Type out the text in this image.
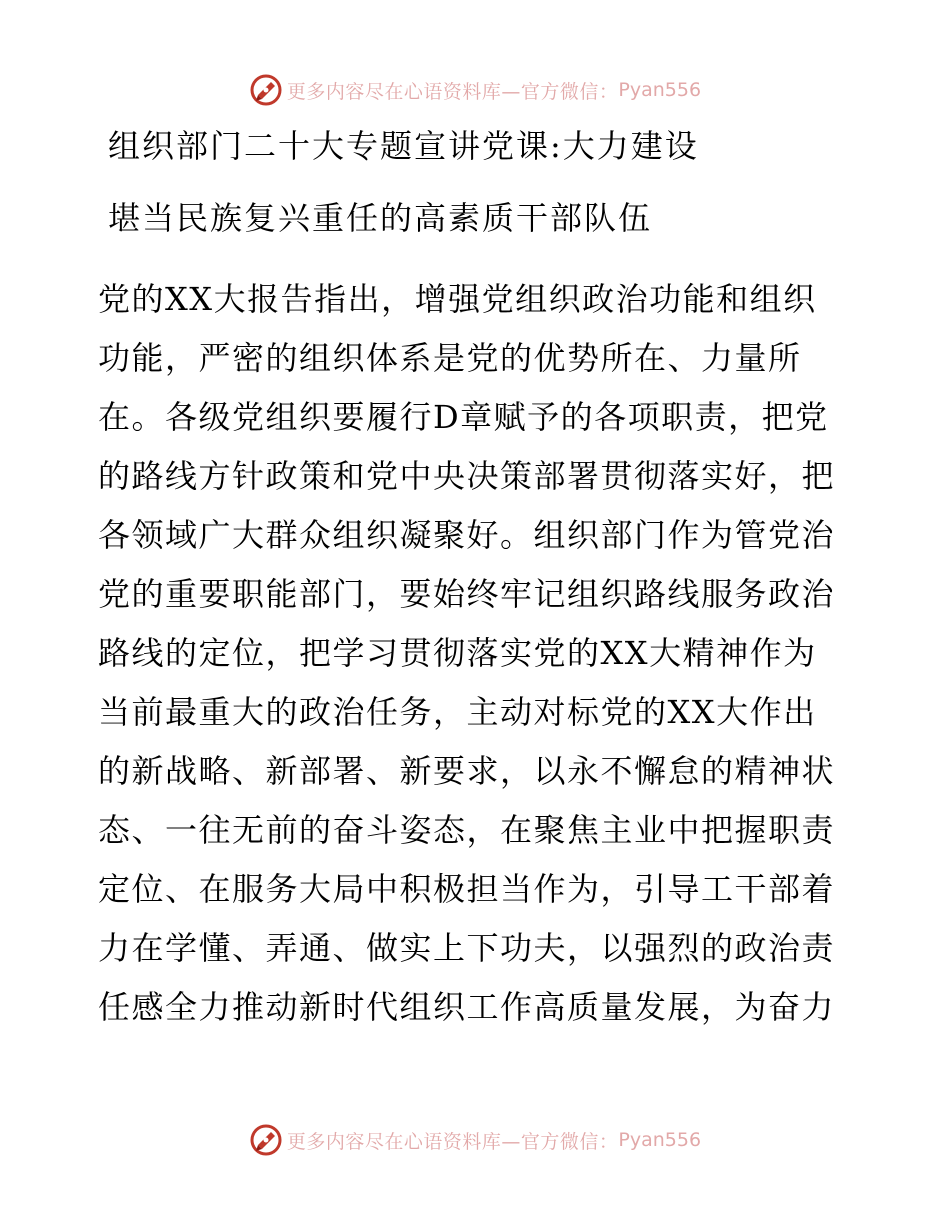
更多内容尽在心语资料库—官方微信： Pyan556
组织部门二十大专题宣讲党课:大力建设
堪当民族复兴重任的高素质干部队伍
党的XX大报告指出，增强党组织政治功能和组织
功能，严密的组织体系是党的优势所在、力量所
在。各级党组织要履行D章赋予的各项职责，把党
的路线方针政策和党中央决策部署贯彻落实好，把
各领域广大群众组织凝聚好。组织部门作为管党治
党的重要职能部门，要始终牢记组织路线服务政治
路线的定位，把学习贯彻落实党的XX大精神作为
当前最重大的政治任务，主动对标党的XX大作出
的新战略、新部署、新要求，以永不懈怠的精神状
态、一往无前的奋斗姿态，在聚焦主业中把握职责
定位、在服务大局中积极担当作为，引导工干部着
力在学懂、弄通、做实上下功夫，以强烈的政治责
任感全力推动新时代组织工作高质量发展，为奋力
更多内容尽在心语资料库—官方微信： Pyan556
